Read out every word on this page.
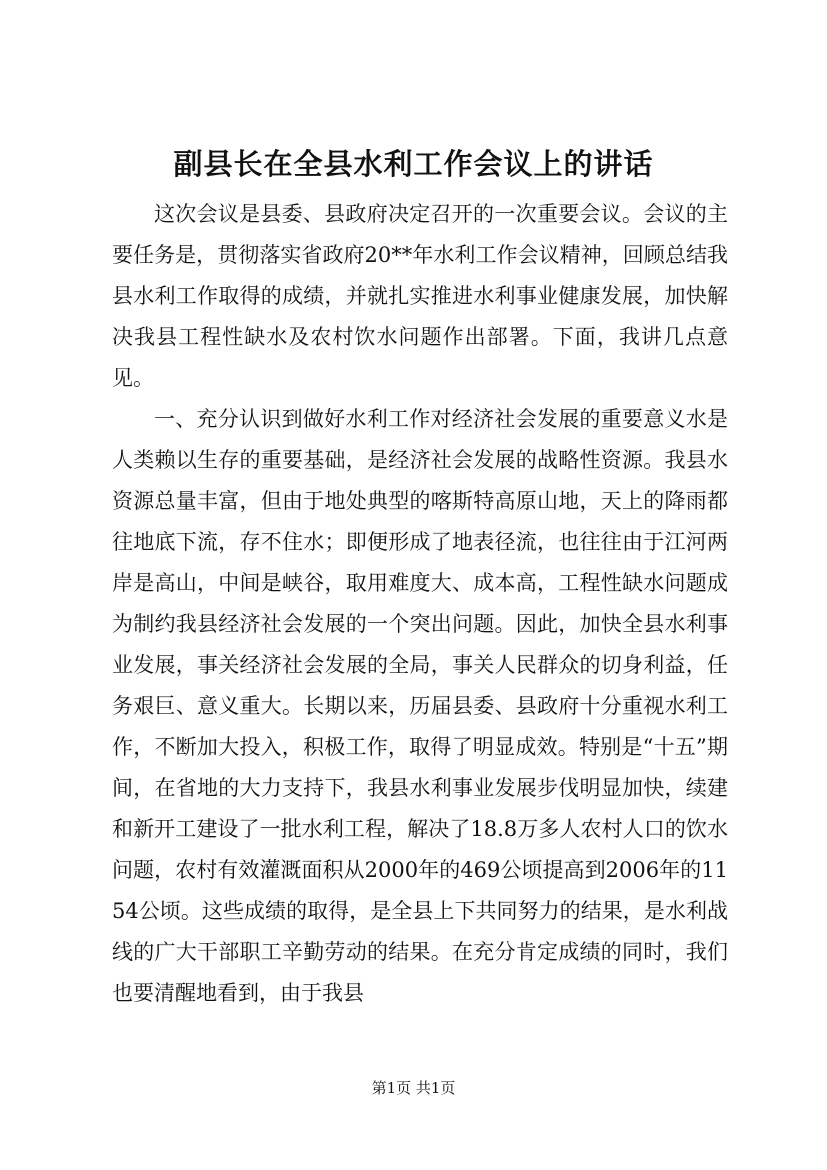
副县长在全县水利工作会议上的讲话

这次会议是县委、县政府决定召开的一次重要会议。会议的主要任务是，贯彻落实省政府20**年水利工作会议精神，回顾总结我县水利工作取得的成绩，并就扎实推进水利事业健康发展，加快解决我县工程性缺水及农村饮水问题作出部署。下面，我讲几点意见。

一、充分认识到做好水利工作对经济社会发展的重要意义水是人类赖以生存的重要基础，是经济社会发展的战略性资源。我县水资源总量丰富，但由于地处典型的喀斯特高原山地，天上的降雨都往地底下流，存不住水；即便形成了地表径流，也往往由于江河两岸是高山，中间是峡谷，取用难度大、成本高，工程性缺水问题成为制约我县经济社会发展的一个突出问题。因此，加快全县水利事业发展，事关经济社会发展的全局，事关人民群众的切身利益，任务艰巨、意义重大。长期以来，历届县委、县政府十分重视水利工作，不断加大投入，积极工作，取得了明显成效。特别是“十五”期间，在省地的大力支持下，我县水利事业发展步伐明显加快，续建和新开工建设了一批水利工程，解决了18.8万多人农村人口的饮水问题，农村有效灌溉面积从2000年的469公顷提高到2006年的1154公顷。这些成绩的取得，是全县上下共同努力的结果，是水利战线的广大干部职工辛勤劳动的结果。在充分肯定成绩的同时，我们也要清醒地看到，由于我县

第1页 共1页
